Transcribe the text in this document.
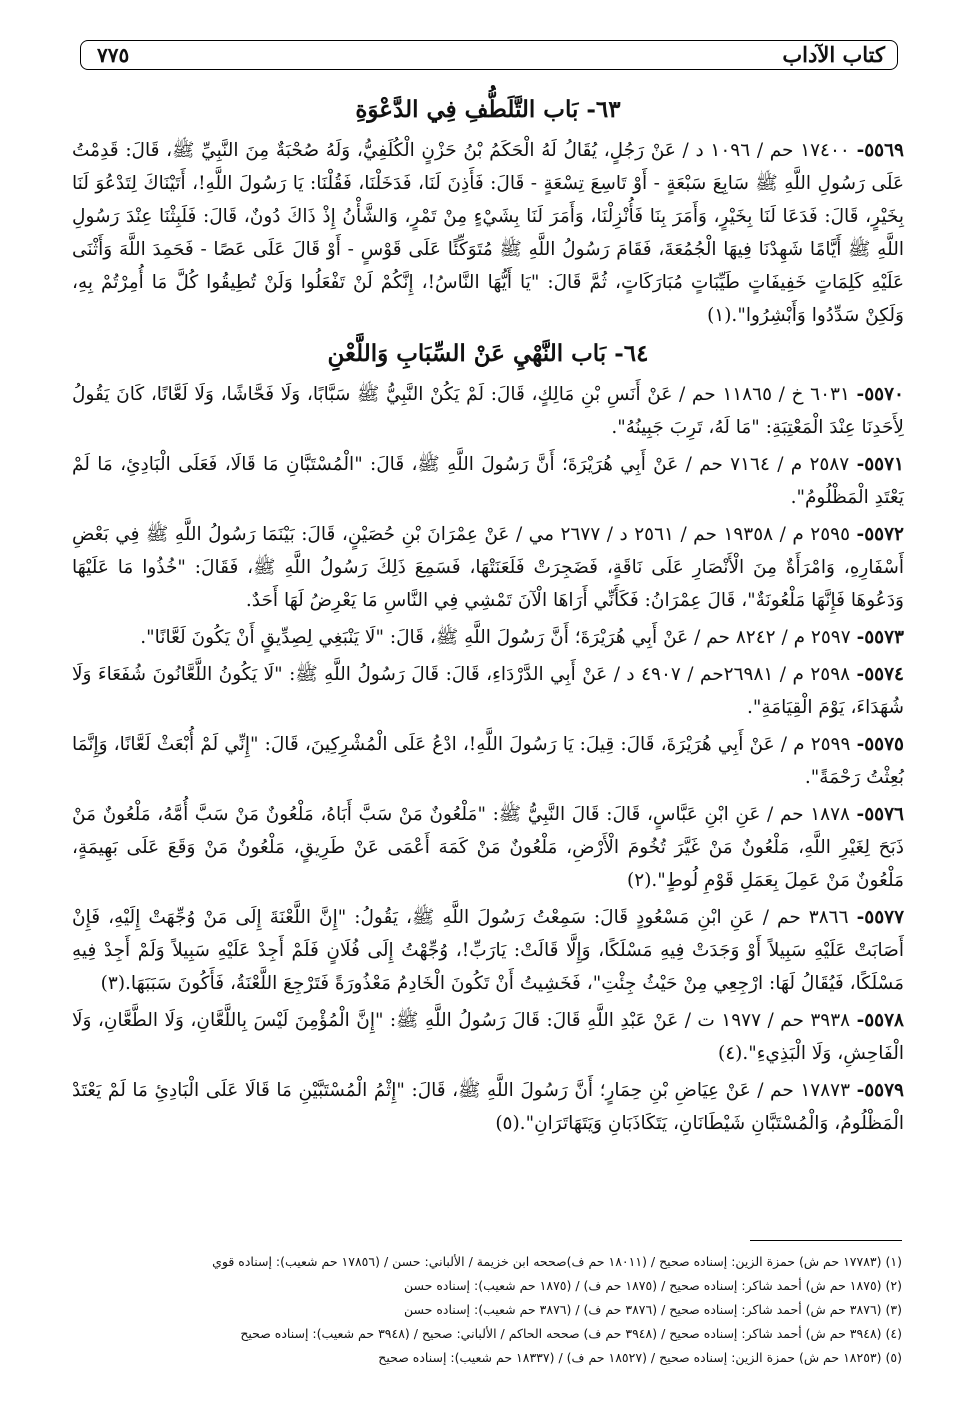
كتاب الآداب
٧٧٥
٦٣- بَاب التَّلَطُّفِ فِي الدَّعْوَةِ

٥٥٦٩- ١٧٤٠٠ حم / ١٠٩٦ د / عَنْ رَجُلٍ، يُقَالُ لَهُ الْحَكَمُ بْنُ حَزْنٍ الْكُلَفِيُّ، وَلَهُ صُحْبَةٌ مِنَ النَّبِيِّ ﷺ، قَالَ: قَدِمْتُ عَلَى رَسُولِ اللَّهِ ﷺ سَابِعَ سَبْعَةٍ - أَوْ تَاسِعَ تِسْعَةٍ - قَالَ: فَأَذِنَ لَنَا، فَدَخَلْنَا، فَقُلْنَا: يَا رَسُولَ اللَّهِ!، أَتَيْنَاكَ لِتَدْعُوَ لَنَا بِخَيْرٍ، قَالَ: فَدَعَا لَنَا بِخَيْرٍ، وَأَمَرَ بِنَا فَأُنْزِلْنَا، وَأَمَرَ لَنَا بِشَيْءٍ مِنْ تَمْرٍ، وَالشَّأْنُ إِذْ ذَاكَ دُونٌ، قَالَ: فَلَبِثْنَا عِنْدَ رَسُولِ اللَّهِ ﷺ أَيَّامًا شَهِدْنَا فِيهَا الْجُمُعَةَ، فَقَامَ رَسُولُ اللَّهِ ﷺ مُتَوَكِّئًا عَلَى قَوْسٍ - أَوْ قَالَ عَلَى عَصًا - فَحَمِدَ اللَّهَ وَأَثْنَى عَلَيْهِ كَلِمَاتٍ خَفِيفَاتٍ طَيِّبَاتٍ مُبَارَكَاتٍ، ثُمَّ قَالَ: "يَا أَيُّهَا النَّاسُ!، إِنَّكُمْ لَنْ تَفْعَلُوا وَلَنْ تُطِيقُوا كُلَّ مَا أُمِرْتُمْ بِهِ، وَلَكِنْ سَدِّدُوا وَأَبْشِرُوا".(١)

٦٤- بَاب النَّهْيِ عَنْ السِّبَابِ وَاللَّعْنِ

٥٥٧٠- ٦٠٣١ خ / ١١٨٦٥ حم / عَنْ أَنَسِ بْنِ مَالِكٍ، قَالَ: لَمْ يَكُنْ النَّبِيُّ ﷺ سَبَّابًا، وَلَا فَحَّاشًا، وَلَا لَعَّانًا، كَانَ يَقُولُ لِأَحَدِنَا عِنْدَ الْمَعْتِبَةِ: "مَا لَهُ، تَرِبَ جَبِينُهُ".

٥٥٧١- ٢٥٨٧ م / ٧١٦٤ حم / عَنْ أَبِي هُرَيْرَةَ؛ أَنَّ رَسُولَ اللَّهِ ﷺ، قَالَ: "الْمُسْتَبَّانِ مَا قَالَا، فَعَلَى الْبَادِئِ، مَا لَمْ يَعْتَدِ الْمَظْلُومُ".

٥٥٧٢- ٢٥٩٥ م / ١٩٣٥٨ حم / ٢٥٦١ د / ٢٦٧٧ مي / عَنْ عِمْرَانَ بْنِ حُصَيْنٍ، قَالَ: بَيْنَمَا رَسُولُ اللَّهِ ﷺ فِي بَعْضِ أَسْفَارِهِ، وَامْرَأَةٌ مِنَ الْأَنْصَارِ عَلَى نَاقَةٍ، فَضَجِرَتْ فَلَعَنَتْهَا، فَسَمِعَ ذَلِكَ رَسُولُ اللَّهِ ﷺ، فَقَالَ: "خُذُوا مَا عَلَيْهَا وَدَعُوهَا فَإِنَّهَا مَلْعُونَةٌ"، قَالَ عِمْرَانُ: فَكَأَنِّي أَرَاهَا الْآنَ تَمْشِي فِي النَّاسِ مَا يَعْرِضُ لَهَا أَحَدٌ.

٥٥٧٣- ٢٥٩٧ م / ٨٢٤٢ حم / عَنْ أَبِي هُرَيْرَةَ؛ أَنَّ رَسُولَ اللَّهِ ﷺ، قَالَ: "لَا يَنْبَغِي لِصِدِّيقٍ أَنْ يَكُونَ لَعَّانًا".

٥٥٧٤- ٢٥٩٨ م / ٢٦٩٨١حم / ٤٩٠٧ د / عَنْ أَبِي الدَّرْدَاءِ، قَالَ: قَالَ رَسُولُ اللَّهِ ﷺ: "لَا يَكُونُ اللَّعَّانُونَ شُفَعَاءَ وَلَا شُهَدَاءَ، يَوْمَ الْقِيَامَةِ".

٥٥٧٥- ٢٥٩٩ م / عَنْ أَبِي هُرَيْرَةَ، قَالَ: قِيلَ: يَا رَسُولَ اللَّهِ!، ادْعُ عَلَى الْمُشْرِكِينَ، قَالَ: "إِنِّي لَمْ أُبْعَثْ لَعَّانًا، وَإِنَّمَا بُعِثْتُ رَحْمَةً".

٥٥٧٦- ١٨٧٨ حم / عَنِ ابْنِ عَبَّاسٍ، قَالَ: قَالَ النَّبِيُّ ﷺ: "مَلْعُونٌ مَنْ سَبَّ أَبَاهُ، مَلْعُونٌ مَنْ سَبَّ أُمَّهُ، مَلْعُونٌ مَنْ ذَبَحَ لِغَيْرِ اللَّهِ، مَلْعُونٌ مَنْ غَيَّرَ تُخُومَ الْأَرْضِ، مَلْعُونٌ مَنْ كَمَهَ أَعْمَى عَنْ طَرِيقٍ، مَلْعُونٌ مَنْ وَقَعَ عَلَى بَهِيمَةٍ، مَلْعُونٌ مَنْ عَمِلَ بِعَمَلِ قَوْمِ لُوطٍ".(٢)

٥٥٧٧- ٣٨٦٦ حم / عَنِ ابْنِ مَسْعُودٍ قَالَ: سَمِعْتُ رَسُولَ اللَّهِ ﷺ، يَقُولُ: "إِنَّ اللَّعْنَةَ إِلَى مَنْ وُجِّهَتْ إِلَيْهِ، فَإِنْ أَصَابَتْ عَلَيْهِ سَبِيلاً أَوْ وَجَدَتْ فِيهِ مَسْلَكًا، وَإِلَّا قَالَتْ: يَارَبِّ!، وُجِّهْتُ إِلَى فُلَانٍ فَلَمْ أَجِدْ عَلَيْهِ سَبِيلاً وَلَمْ أَجِدْ فِيهِ مَسْلَكًا، فَيُقَالُ لَهَا: ارْجِعِي مِنْ حَيْثُ جِئْتِ"، فَخَشِيتُ أَنْ تَكُونَ الْخَادِمُ مَعْذُورَةً فَتَرْجِعَ اللَّعْنَةُ، فَأَكُونَ سَبَبَهَا.(٣)

٥٥٧٨- ٣٩٣٨ حم / ١٩٧٧ ت / عَنْ عَبْدِ اللَّهِ قَالَ: قَالَ رَسُولُ اللَّهِ ﷺ: "إِنَّ الْمُؤْمِنَ لَيْسَ بِاللَّعَّانِ، وَلَا الطَّعَّانِ، وَلَا الْفَاحِشِ، وَلَا الْبَذِيءِ".(٤)

٥٥٧٩- ١٧٨٧٣ حم / عَنْ عِيَاضِ بْنِ حِمَارٍ؛ أَنَّ رَسُولَ اللَّهِ ﷺ، قَالَ: "إِثْمُ الْمُسْتَبَّيْنِ مَا قَالَا عَلَى الْبَادِئِ مَا لَمْ يَعْتَدْ الْمَظْلُومُ، وَالْمُسْتَبَّانِ شَيْطَانَانِ، يَتَكَاذَبَانِ وَيَتَهَاتَرَانِ".(٥)

(١) (١٧٧٨٣ حم ش) حمزة الزين: إسناده صحيح / (١٨٠١١ حم ف)صححه ابن خزيمة / الألباني: حسن / (١٧٨٥٦ حم شعيب): إسناده قوي

(٢) (١٨٧٥ حم ش) أحمد شاكر: إسناده صحيح / (١٨٧٥ حم ف) / (١٨٧٥ حم شعيب): إسناده حسن

(٣) (٣٨٧٦ حم ش) أحمد شاكر: إسناده صحيح / (٣٨٧٦ حم ف) / (٣٨٧٦ حم شعيب): إسناده حسن

(٤) (٣٩٤٨ حم ش) أحمد شاكر: إسناده صحيح / (٣٩٤٨ حم ف) صححه الحاكم / الألباني: صحيح / (٣٩٤٨ حم شعيب): إسناده صحيح

(٥) (١٨٢٥٣ حم ش) حمزة الزين: إسناده صحيح / (١٨٥٢٧ حم ف) / (١٨٣٣٧ حم شعيب): إسناده صحيح
